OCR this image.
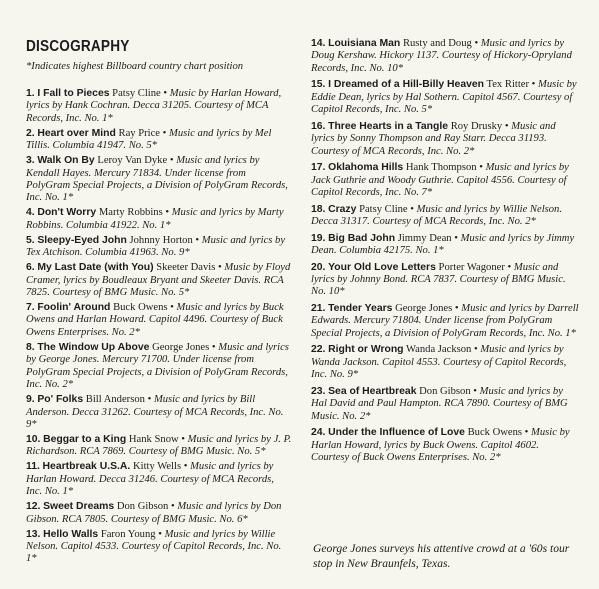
DISCOGRAPHY
*Indicates highest Billboard country chart position
1. I Fall to Pieces Patsy Cline • Music by Harlan Howard, lyrics by Hank Cochran. Decca 31205. Courtesy of MCA Records, Inc. No. 1*
2. Heart over Mind Ray Price • Music and lyrics by Mel Tillis. Columbia 41947. No. 5*
3. Walk On By Leroy Van Dyke • Music and lyrics by Kendall Hayes. Mercury 71834. Under license from PolyGram Special Projects, a Division of PolyGram Records, Inc. No. 1*
4. Don't Worry Marty Robbins • Music and lyrics by Marty Robbins. Columbia 41922. No. 1*
5. Sleepy-Eyed John Johnny Horton • Music and lyrics by Tex Atchison. Columbia 41963. No. 9*
6. My Last Date (with You) Skeeter Davis • Music by Floyd Cramer, lyrics by Boudleaux Bryant and Skeeter Davis. RCA 7825. Courtesy of BMG Music. No. 5*
7. Foolin' Around Buck Owens • Music and lyrics by Buck Owens and Harlan Howard. Capitol 4496. Courtesy of Buck Owens Enterprises. No. 2*
8. The Window Up Above George Jones • Music and lyrics by George Jones. Mercury 71700. Under license from PolyGram Special Projects, a Division of PolyGram Records, Inc. No. 2*
9. Po' Folks Bill Anderson • Music and lyrics by Bill Anderson. Decca 31262. Courtesy of MCA Records, Inc. No. 9*
10. Beggar to a King Hank Snow • Music and lyrics by J. P. Richardson. RCA 7869. Courtesy of BMG Music. No. 5*
11. Heartbreak U.S.A. Kitty Wells • Music and lyrics by Harlan Howard. Decca 31246. Courtesy of MCA Records, Inc. No. 1*
12. Sweet Dreams Don Gibson • Music and lyrics by Don Gibson. RCA 7805. Courtesy of BMG Music. No. 6*
13. Hello Walls Faron Young • Music and lyrics by Willie Nelson. Capitol 4533. Courtesy of Capitol Records, Inc. No. 1*
14. Louisiana Man Rusty and Doug • Music and lyrics by Doug Kershaw. Hickory 1137. Courtesy of Hickory-Opryland Records, Inc. No. 10*
15. I Dreamed of a Hill-Billy Heaven Tex Ritter • Music by Eddie Dean, lyrics by Hal Sothern. Capitol 4567. Courtesy of Capitol Records, Inc. No. 5*
16. Three Hearts in a Tangle Roy Drusky • Music and lyrics by Sonny Thompson and Ray Starr. Decca 31193. Courtesy of MCA Records, Inc. No. 2*
17. Oklahoma Hills Hank Thompson • Music and lyrics by Jack Guthrie and Woody Guthrie. Capitol 4556. Courtesy of Capitol Records, Inc. No. 7*
18. Crazy Patsy Cline • Music and lyrics by Willie Nelson. Decca 31317. Courtesy of MCA Records, Inc. No. 2*
19. Big Bad John Jimmy Dean • Music and lyrics by Jimmy Dean. Columbia 42175. No. 1*
20. Your Old Love Letters Porter Wagoner • Music and lyrics by Johnny Bond. RCA 7837. Courtesy of BMG Music. No. 10*
21. Tender Years George Jones • Music and lyrics by Darrell Edwards. Mercury 71804. Under license from PolyGram Special Projects, a Division of PolyGram Records, Inc. No. 1*
22. Right or Wrong Wanda Jackson • Music and lyrics by Wanda Jackson. Capitol 4553. Courtesy of Capitol Records, Inc. No. 9*
23. Sea of Heartbreak Don Gibson • Music and lyrics by Hal David and Paul Hampton. RCA 7890. Courtesy of BMG Music. No. 2*
24. Under the Influence of Love Buck Owens • Music by Harlan Howard, lyrics by Buck Owens. Capitol 4602. Courtesy of Buck Owens Enterprises. No. 2*
George Jones surveys his attentive crowd at a '60s tour stop in New Braunfels, Texas.
